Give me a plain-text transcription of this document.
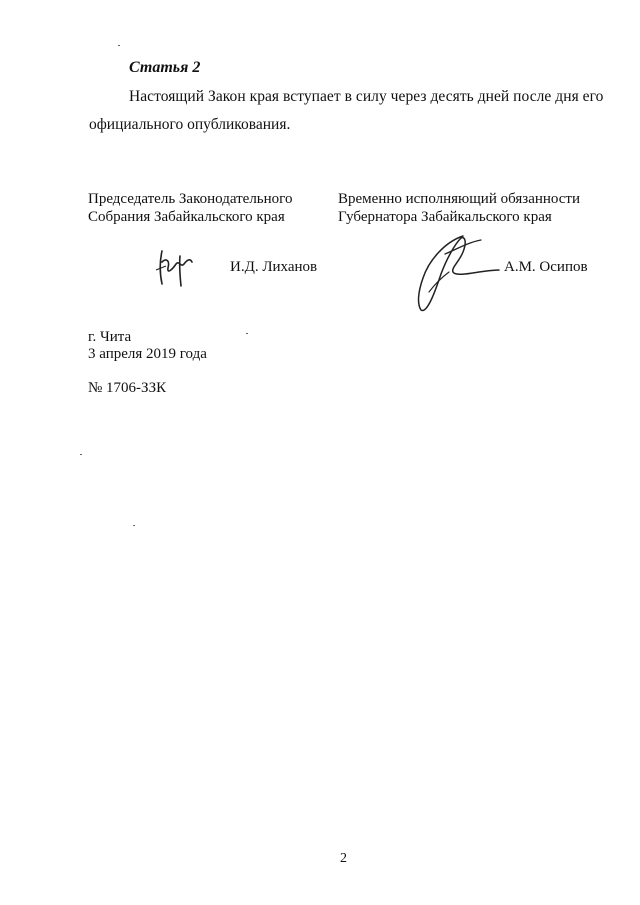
Статья 2
Настоящий Закон края вступает в силу через десять дней после дня его
официального опубликования.
Председатель Законодательного
Собрания Забайкальского края
Временно исполняющий обязанности
Губернатора Забайкальского края
И.Д. Лиханов	А.М. Осипов
г. Чита
3 апреля 2019 года
№ 1706-ЗЗК
2
